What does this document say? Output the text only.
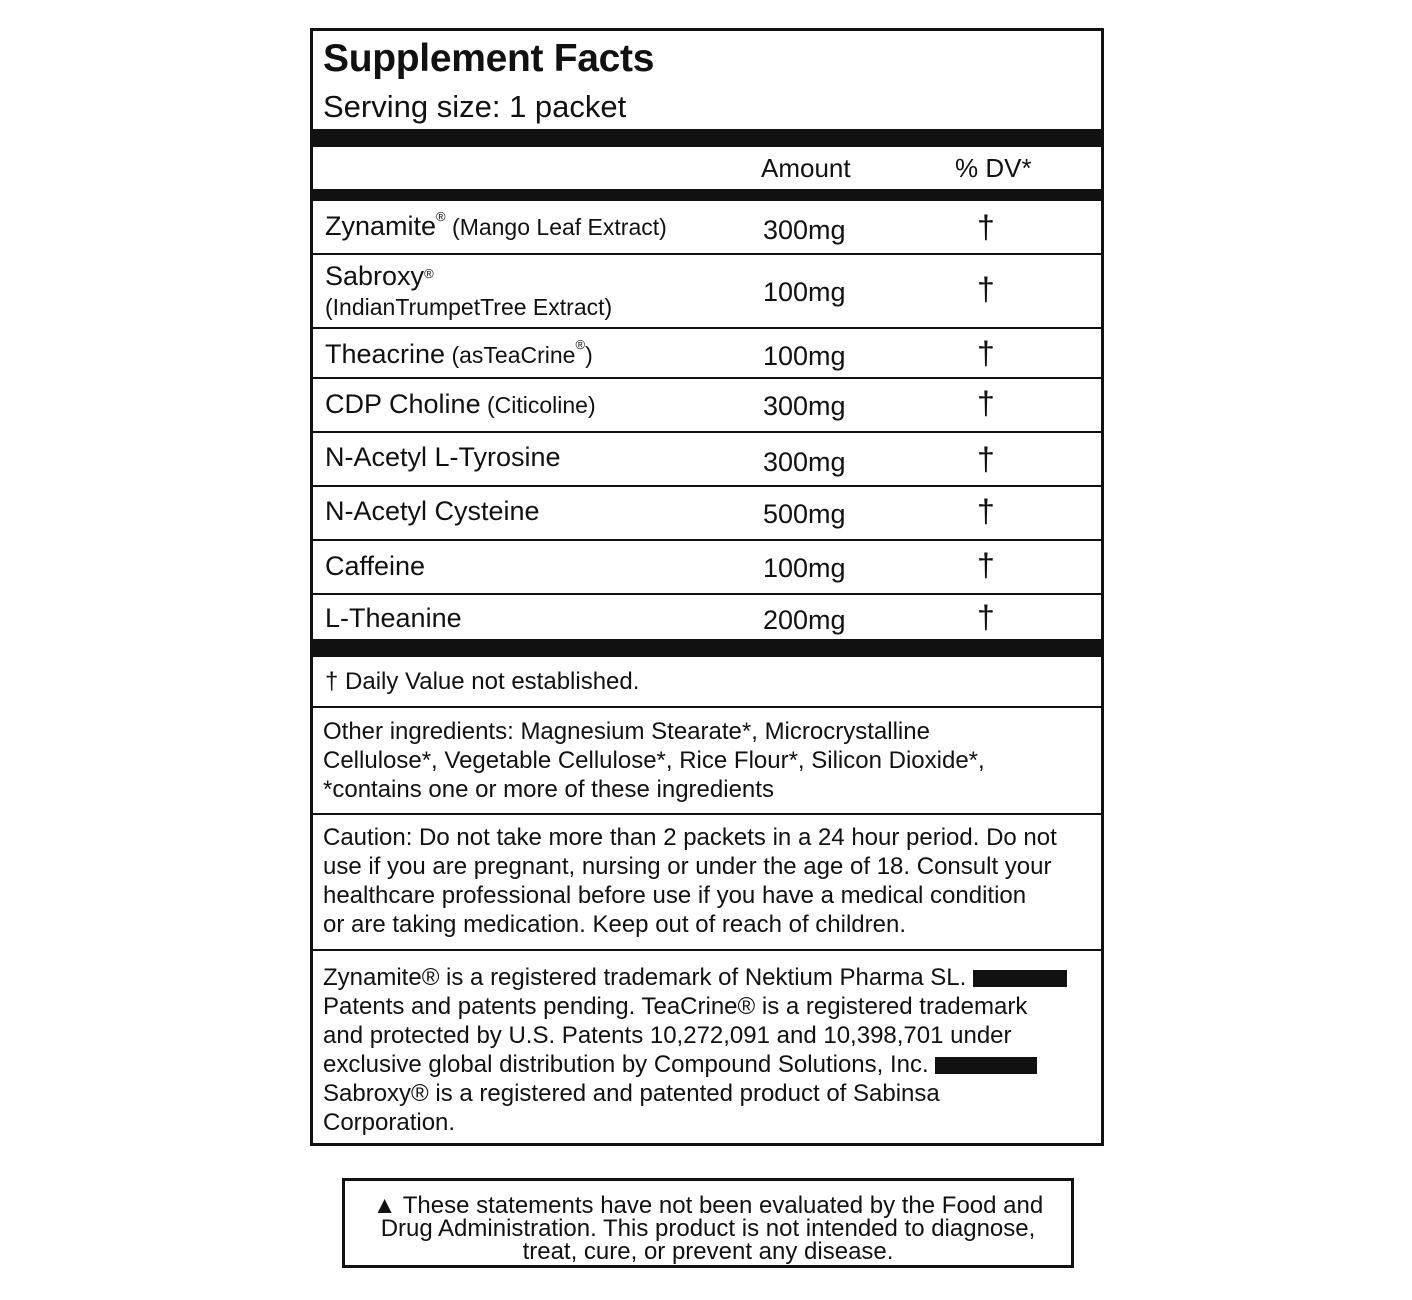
Supplement Facts
Serving size: 1 packet
Amount	% DV*
Zynamite® (Mango Leaf Extract)	300mg	†
Sabroxy®
(IndianTrumpetTree Extract)	100mg	†
Theacrine (asTeaCrine®)	100mg	†
CDP Choline (Citicoline)	300mg	†
N-Acetyl L-Tyrosine	300mg	†
N-Acetyl Cysteine	500mg	†
Caffeine	100mg	†
L-Theanine	200mg	†
† Daily Value not established.
Other ingredients: Magnesium Stearate*, Microcrystalline
Cellulose*, Vegetable Cellulose*, Rice Flour*, Silicon Dioxide*,
*contains one or more of these ingredients
Caution: Do not take more than 2 packets in a 24 hour period. Do not
use if you are pregnant, nursing or under the age of 18. Consult your
healthcare professional before use if you have a medical condition
or are taking medication. Keep out of reach of children.
Zynamite® is a registered trademark of Nektium Pharma SL.
Patents and patents pending. TeaCrine® is a registered trademark
and protected by U.S. Patents 10,272,091 and 10,398,701 under
exclusive global distribution by Compound Solutions, Inc.
Sabroxy® is a registered and patented product of Sabinsa
Corporation.
▲ These statements have not been evaluated by the Food and
Drug Administration. This product is not intended to diagnose,
treat, cure, or prevent any disease.
